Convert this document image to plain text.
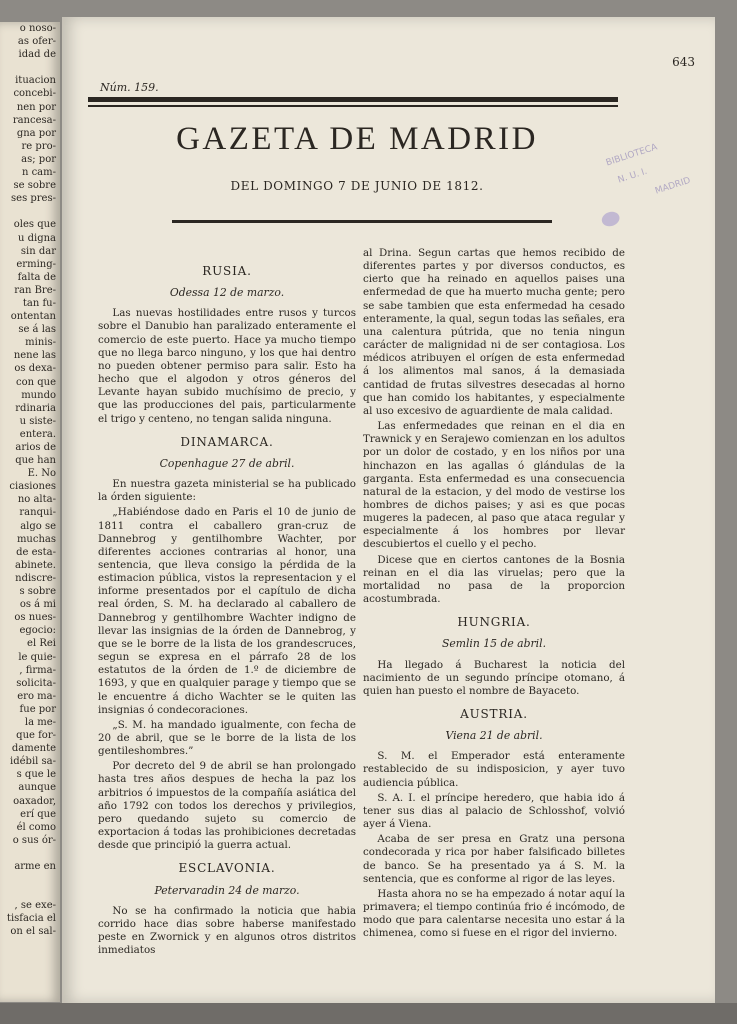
o noso-
as ofer-
idad de

ituacion
concebi-
nen por
rancesa-
gna por
re pro-
as; por
n cam-
se sobre
ses pres-

oles que
u digna
sin dar
erming-
falta de
ran Bre-
tan fu-
ontentan
se á las
minis-
nene las
os dexa-
con que
mundo
rdinaria
u siste-
entera.
arios de
que han
E. No
ciasiones
no alta-
ranqui-
algo se
muchas
de esta-
abinete.
ndiscre-
s sobre
os á mi
os nues-
egocio:
el Rei
le quie-
, firma-
solicita-
ero ma-
fue por
la me-
que for-
damente
idébil sa-
s que le
aunque
oaxador,
erí que
él como
o sus ór-

arme en

, se exe-
tisfacia el
on el sal-
643
Núm. 159.
GAZETA DE MADRID
DEL DOMINGO 7 DE JUNIO DE 1812.
BIBLIOTECA
N. U. I. MADRID
RUSIA.
Odessa 12 de marzo.

Las nuevas hostilidades entre rusos y turcos sobre el Danubio han paralizado enteramente el comercio de este puerto. Hace ya mucho tiempo que no llega barco ninguno, y los que hai dentro no pueden obtener permiso para salir. Esto ha hecho que el algodon y otros géneros del Levante hayan subido muchísimo de precio, y que las producciones del pais, particularmente el trigo y centeno, no tengan salida ninguna.

DINAMARCA.
Copenhague 27 de abril.

En nuestra gazeta ministerial se ha publicado la órden siguiente:

„Habiéndose dado en Paris el 10 de junio de 1811 contra el caballero gran-cruz de Dannebrog y gentilhombre Wachter, por diferentes acciones contrarias al honor, una sentencia, que lleva consigo la pérdida de la estimacion pública, vistos la representacion y el informe presentados por el capítulo de dicha real órden, S. M. ha declarado al caballero de Dannebrog y gentilhombre Wachter indigno de llevar las insignias de la órden de Dannebrog, y que se le borre de la lista de los grandescruces, segun se expresa en el párrafo 28 de los estatutos de la órden de 1.º de diciembre de 1693, y que en qualquier parage y tiempo que se le encuentre á dicho Wachter se le quiten las insignias ó condecoraciones.

„S. M. ha mandado igualmente, con fecha de 20 de abril, que se le borre de la lista de los gentileshombres.”

Por decreto del 9 de abril se han prolongado hasta tres años despues de hecha la paz los arbitrios ó impuestos de la compañía asiática del año 1792 con todos los derechos y privilegios, pero quedando sujeto su comercio de exportacion á todas las prohibiciones decretadas desde que principió la guerra actual.

ESCLAVONIA.
Petervaradin 24 de marzo.

No se ha confirmado la noticia que habia corrido hace dias sobre haberse manifestado peste en Zwornick y en algunos otros distritos inmediatos

al Drina. Segun cartas que hemos recibido de diferentes partes y por diversos conductos, es cierto que ha reinado en aquellos paises una enfermedad de que ha muerto mucha gente; pero se sabe tambien que esta enfermedad ha cesado enteramente, la qual, segun todas las señales, era una calentura pútrida, que no tenia ningun carácter de malignidad ni de ser contagiosa. Los médicos atribuyen el orígen de esta enfermedad á los alimentos mal sanos, á la demasiada cantidad de frutas silvestres desecadas al horno que han comido los habitantes, y especialmente al uso excesivo de aguardiente de mala calidad.

Las enfermedades que reinan en el dia en Trawnick y en Serajewo comienzan en los adultos por un dolor de costado, y en los niños por una hinchazon en las agallas ó glándulas de la garganta. Esta enfermedad es una consecuencia natural de la estacion, y del modo de vestirse los hombres de dichos paises; y asi es que pocas mugeres la padecen, al paso que ataca regular y especialmente á los hombres por llevar descubiertos el cuello y el pecho.

Dicese que en ciertos cantones de la Bosnia reinan en el dia las viruelas; pero que la mortalidad no pasa de la proporcion acostumbrada.

HUNGRIA.
Semlin 15 de abril.

Ha llegado á Bucharest la noticia del nacimiento de un segundo príncipe otomano, á quien han puesto el nombre de Bayaceto.

AUSTRIA.
Viena 21 de abril.

S. M. el Emperador está enteramente restablecido de su indisposicion, y ayer tuvo audiencia pública.

S. A. I. el príncipe heredero, que habia ido á tener sus dias al palacio de Schlosshof, volvió ayer á Viena.

Acaba de ser presa en Gratz una persona condecorada y rica por haber falsificado billetes de banco. Se ha presentado ya á S. M. la sentencia, que es conforme al rigor de las leyes.

Hasta ahora no se ha empezado á notar aquí la primavera; el tiempo continúa frio é incómodo, de modo que para calentarse necesita uno estar á la chimenea, como si fuese en el rigor del invierno.
